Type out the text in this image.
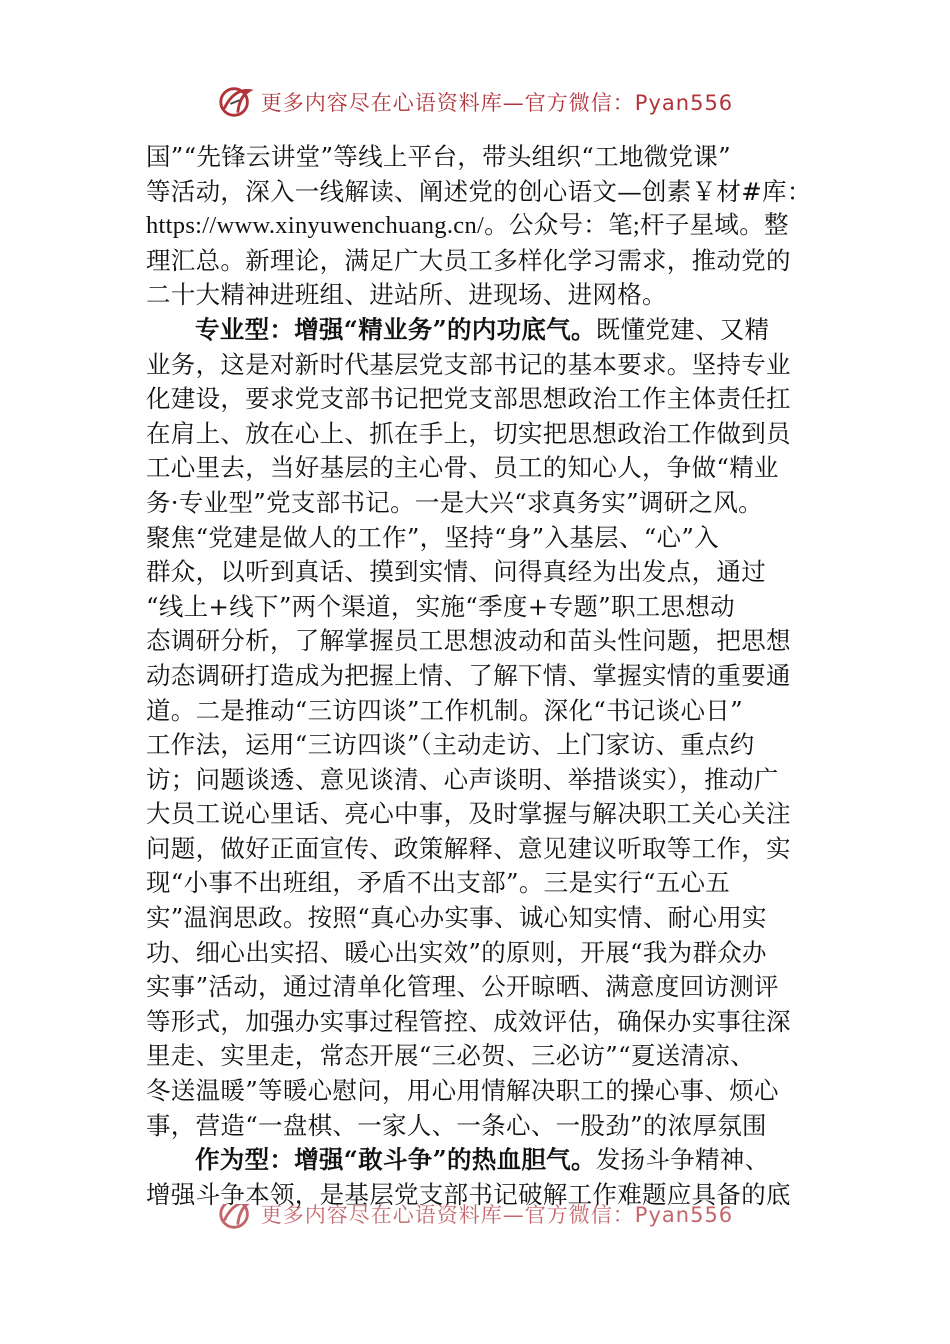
更多内容尽在心语资料库—官方微信：Pyan556
国”“先锋云讲堂”等线上平台，带头组织“工地微党课”
等活动，深入一线解读、阐述党的创心语文—创素￥材#库：
https://www.xinyuwenchuang.cn/。公众号：笔;杆子星域。整
理汇总。新理论，满足广大员工多样化学习需求，推动党的
二十大精神进班组、进站所、进现场、进网格。
专业型：增强“精业务”的内功底气。既懂党建、又精
业务，这是对新时代基层党支部书记的基本要求。坚持专业
化建设，要求党支部书记把党支部思想政治工作主体责任扛
在肩上、放在心上、抓在手上，切实把思想政治工作做到员
工心里去，当好基层的主心骨、员工的知心人，争做“精业
务·专业型”党支部书记。一是大兴“求真务实”调研之风。
聚焦“党建是做人的工作”，坚持“身”入基层、“心”入
群众，以听到真话、摸到实情、问得真经为出发点，通过
“线上+线下”两个渠道，实施“季度+专题”职工思想动
态调研分析，了解掌握员工思想波动和苗头性问题，把思想
动态调研打造成为把握上情、了解下情、掌握实情的重要通
道。二是推动“三访四谈”工作机制。深化“书记谈心日”
工作法，运用“三访四谈”（主动走访、上门家访、重点约
访；问题谈透、意见谈清、心声谈明、举措谈实），推动广
大员工说心里话、亮心中事，及时掌握与解决职工关心关注
问题，做好正面宣传、政策解释、意见建议听取等工作，实
现“小事不出班组，矛盾不出支部”。三是实行“五心五
实”温润思政。按照“真心办实事、诚心知实情、耐心用实
功、细心出实招、暖心出实效”的原则，开展“我为群众办
实事”活动，通过清单化管理、公开晾晒、满意度回访测评
等形式，加强办实事过程管控、成效评估，确保办实事往深
里走、实里走，常态开展“三必贺、三必访”“夏送清凉、
冬送温暖”等暖心慰问，用心用情解决职工的操心事、烦心
事，营造“一盘棋、一家人、一条心、一股劲”的浓厚氛围
作为型：增强“敢斗争”的热血胆气。发扬斗争精神、
增强斗争本领，是基层党支部书记破解工作难题应具备的底
更多内容尽在心语资料库—官方微信：Pyan556
